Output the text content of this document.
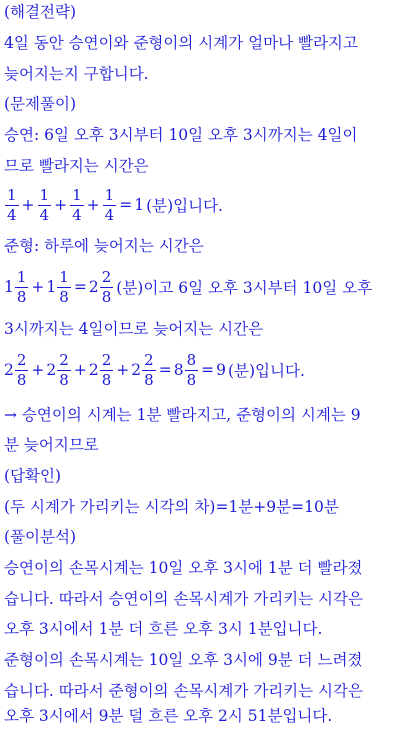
(해결전략)
4일 동안 승연이와 준형이의 시계가 얼마나 빨라지고
늦어지는지 구합니다.
(문제풀이)
승연: 6일 오후 3시부터 10일 오후 3시까지는 4일이
므로 빨라지는 시간은
$\frac{1}{4} + \frac{1}{4} + \frac{1}{4} + \frac{1}{4} = 1$ (분)입니다.
준형: 하루에 늦어지는 시간은
$1 \frac{1}{8} + 1 \frac{1}{8} = 2 \frac{2}{8}$ (분)이고 6일 오후 3시부터 10일 오후
3시까지는 4일이므로 늦어지는 시간은
$2 \frac{2}{8} + 2 \frac{2}{8} + 2 \frac{2}{8} + 2 \frac{2}{8} = 8 \frac{8}{8} = 9$ (분)입니다.
→ 승연이의 시계는 1분 빨라지고, 준형이의 시계는 9
분 늦어지므로
(답확인)
(두 시계가 가리키는 시각의 차)=1분+9분=10분
(풀이분석)
승연이의 손목시계는 10일 오후 3시에 1분 더 빨라졌
습니다. 따라서 승연이의 손목시계가 가리키는 시각은
오후 3시에서 1분 더 흐른 오후 3시 1분입니다.
준형이의 손목시계는 10일 오후 3시에 9분 더 느려졌
습니다. 따라서 준형이의 손목시계가 가리키는 시각은
오후 3시에서 9분 덜 흐른 오후 2시 51분입니다.
